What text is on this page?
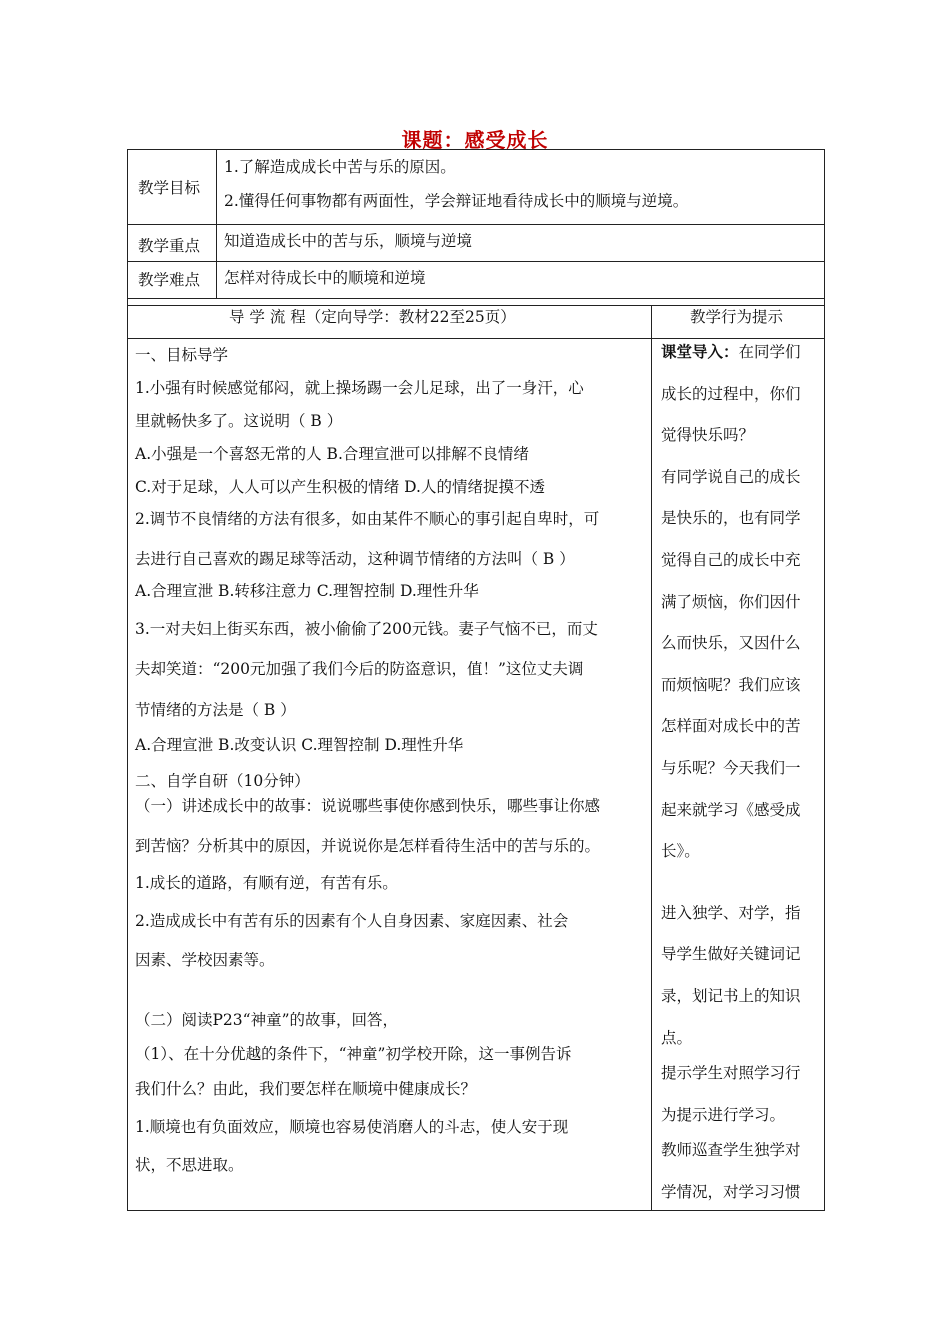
课题：感受成长
教学目标
1.了解造成成长中苦与乐的原因。
2.懂得任何事物都有两面性，学会辩证地看待成长中的顺境与逆境。
教学重点 知道造成长中的苦与乐，顺境与逆境
教学难点 怎样对待成长中的顺境和逆境
导 学 流 程（定向导学：教材22至25页）	教学行为提示
一、目标导学
1.小强有时候感觉郁闷，就上操场踢一会儿足球，出了一身汗，心
里就畅快多了。这说明（ B ）
A.小强是一个喜怒无常的人 B.合理宣泄可以排解不良情绪
C.对于足球，人人可以产生积极的情绪 D.人的情绪捉摸不透
2.调节不良情绪的方法有很多，如由某件不顺心的事引起自卑时，可
去进行自己喜欢的踢足球等活动，这种调节情绪的方法叫（ B ）
A.合理宣泄 B.转移注意力 C.理智控制 D.理性升华
3.一对夫妇上街买东西，被小偷偷了200元钱。妻子气恼不已，而丈
夫却笑道：“200元加强了我们今后的防盗意识，值！”这位丈夫调
节情绪的方法是（ B ）
A.合理宣泄 B.改变认识 C.理智控制 D.理性升华
二、自学自研（10分钟）
（一）讲述成长中的故事：说说哪些事使你感到快乐，哪些事让你感
到苦恼？分析其中的原因，并说说你是怎样看待生活中的苦与乐的。
1.成长的道路，有顺有逆，有苦有乐。
2.造成成长中有苦有乐的因素有个人自身因素、家庭因素、社会
因素、学校因素等。
（二）阅读P23“神童”的故事，回答，
（1）、在十分优越的条件下，“神童”初学校开除，这一事例告诉
我们什么？由此，我们要怎样在顺境中健康成长？
1.顺境也有负面效应，顺境也容易使消磨人的斗志，使人安于现
状，不思进取。
课堂导入：在同学们
成长的过程中，你们
觉得快乐吗？
有同学说自己的成长
是快乐的，也有同学
觉得自己的成长中充
满了烦恼，你们因什
么而快乐，又因什么
而烦恼呢？我们应该
怎样面对成长中的苦
与乐呢？今天我们一
起来就学习《感受成
长》。
进入独学、对学，指
导学生做好关键词记
录，划记书上的知识
点。
提示学生对照学习行
为提示进行学习。
教师巡查学生独学对
学情况，对学习习惯
